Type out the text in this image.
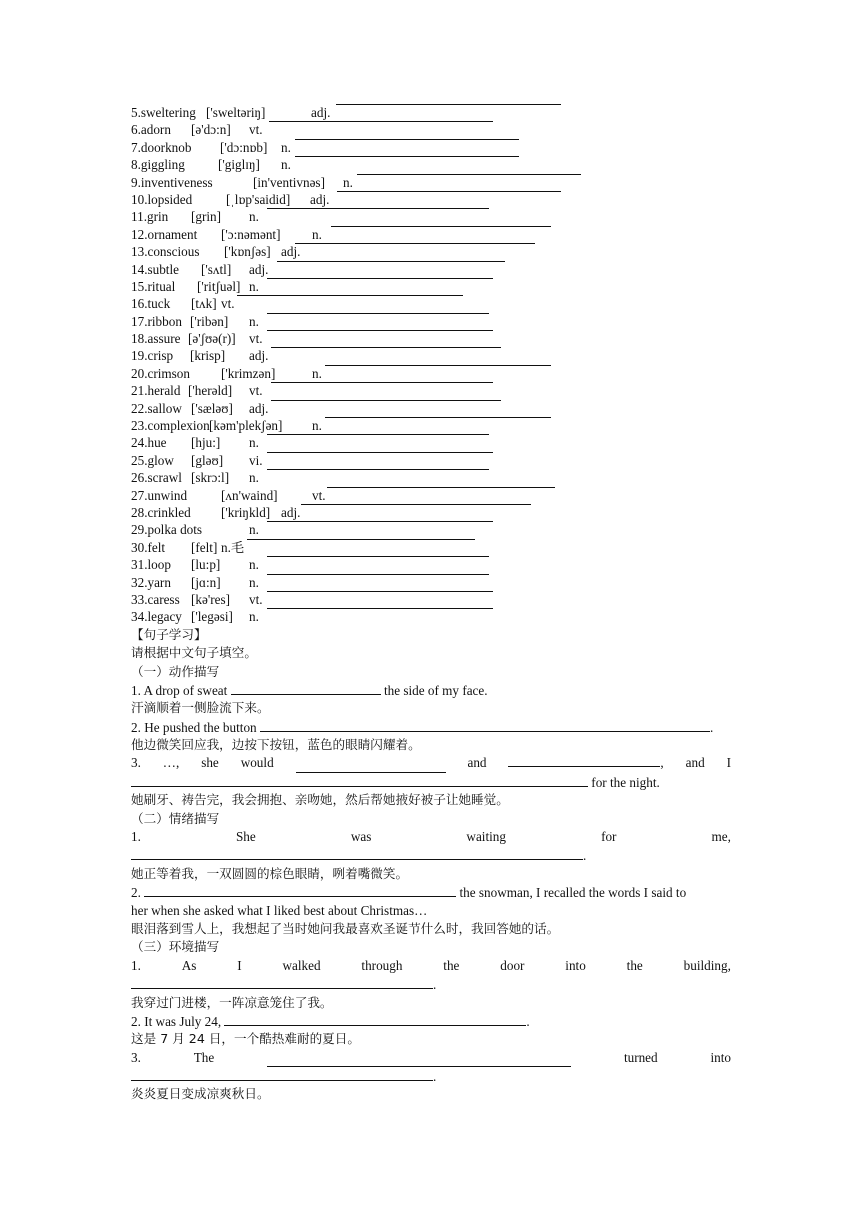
5.sweltering ['sweltəriŋ]	adj.
6.adorn [ə'dɔ:n] vt.
7.doorknob ['dɔ:nɒb] n.
8.giggling	['giglɪŋ] n.
9.inventiveness	[in'ventivnəs] n.
10.lopsided	[ˌlɒp'saidid] adj.
11.grin [grin] n.
12.ornament ['ɔ:nəmənt] n.
13.conscious ['kɒnʃəs] adj.
14.subtle ['sʌtl] adj.
15.ritual ['ritʃuəl] n.
16.tuck [tʌk] vt.
17.ribbon ['ribən] n.
18.assure [ə'ʃʊə(r)] vt.
19.crisp [krisp] adj.
20.crimson ['krimzən]	n.
21.herald ['herəld] vt.
22.sallow ['sæləʊ] adj.
23.complexion [kəm'plekʃən] n.
24.hue [hju:] n.
25.glow [gləʊ] vi.
26.scrawl [skrɔ:l] n.
27.unwind	[ʌn'waind]	vt.
28.crinkled ['kriŋkld] adj.
29.polka dots	n.
30.felt [felt] n.毛
31.loop [lu:p] n.
32.yarn [jɑ:n] n.
33.caress [kə'res] vt.
34.legacy ['legəsi] n.
【句子学习】
请根据中文句子填空。
（一）动作描写
1. A drop of sweat	the side of my face.
汗滴顺着一侧脸流下来。
2. He pushed the button	.
他边微笑回应我，边按下按钮，蓝色的眼睛闪耀着。
3. …, she would	and	, and I
for the night.
她刷牙、祷告完，我会拥抱、亲吻她，然后帮她掖好被子让她睡觉。
（二）情绪描写
1.	She	was	waiting	for	me,
.
她正等着我，一双圆圆的棕色眼睛，咧着嘴微笑。
2.	the snowman, I recalled the words I said to
her when she asked what I liked best about Christmas…
眼泪落到雪人上，我想起了当时她问我最喜欢圣诞节什么时，我回答她的话。
（三）环境描写
1.	As	I	walked	through	the	door	into	the	building,
.
我穿过门进楼，一阵凉意笼住了我。
2. It was July 24,	.
这是 7 月 24 日，一个酷热难耐的夏日。
3.	The	turned	into
.
炎炎夏日变成凉爽秋日。
